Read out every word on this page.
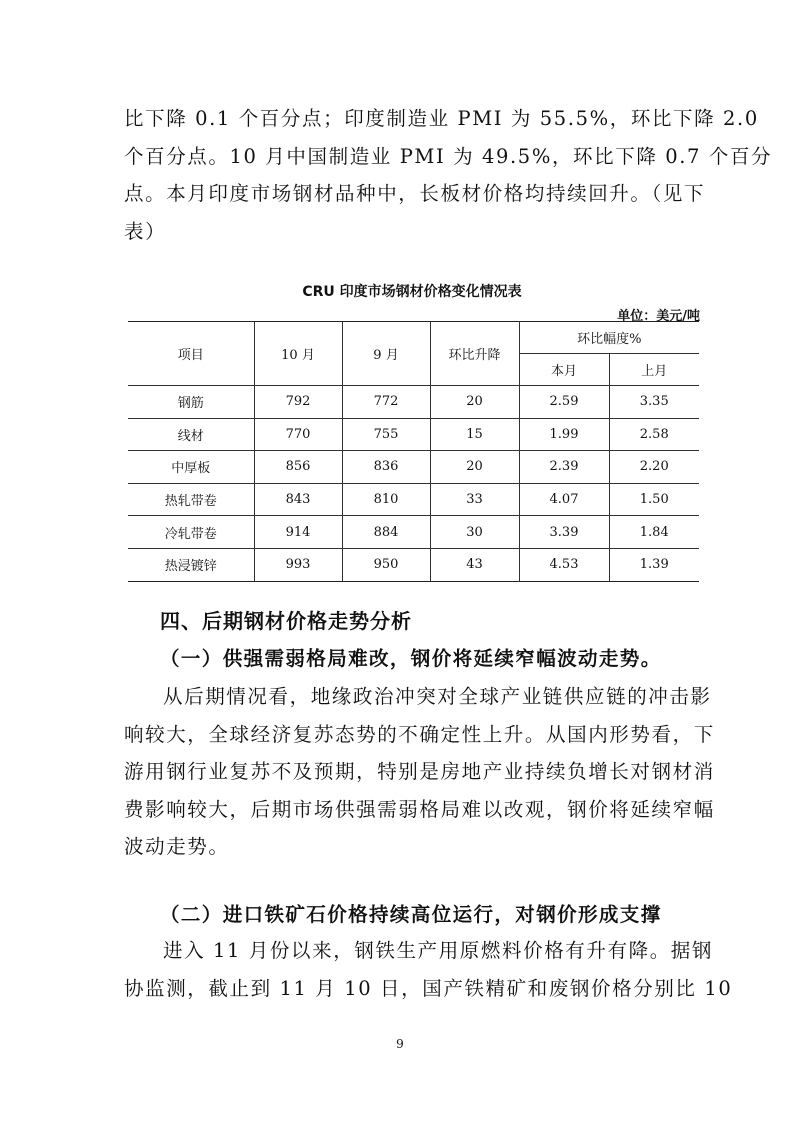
比下降 0.1 个百分点；印度制造业 PMI 为 55.5%，环比下降 2.0
个百分点。10 月中国制造业 PMI 为 49.5%，环比下降 0.7 个百分
点。本月印度市场钢材品种中，长板材价格均持续回升。（见下
表）
CRU 印度市场钢材价格变化情况表
单位：美元/吨
项目	10 月	9 月	环比升降	环比幅度%	
				本月	上月
钢筋	792	772	20	2.59	3.35
线材	770	755	15	1.99	2.58
中厚板	856	836	20	2.39	2.20
热轧带卷	843	810	33	4.07	1.50
冷轧带卷	914	884	30	3.39	1.84
热浸镀锌	993	950	43	4.53	1.39
四、后期钢材价格走势分析
（一）供强需弱格局难改，钢价将延续窄幅波动走势。
从后期情况看，地缘政治冲突对全球产业链供应链的冲击影
响较大，全球经济复苏态势的不确定性上升。从国内形势看，下
游用钢行业复苏不及预期，特别是房地产业持续负增长对钢材消
费影响较大，后期市场供强需弱格局难以改观，钢价将延续窄幅
波动走势。
（二）进口铁矿石价格持续高位运行，对钢价形成支撑
进入 11 月份以来，钢铁生产用原燃料价格有升有降。据钢
协监测，截止到 11 月 10 日，国产铁精矿和废钢价格分别比 10
9
